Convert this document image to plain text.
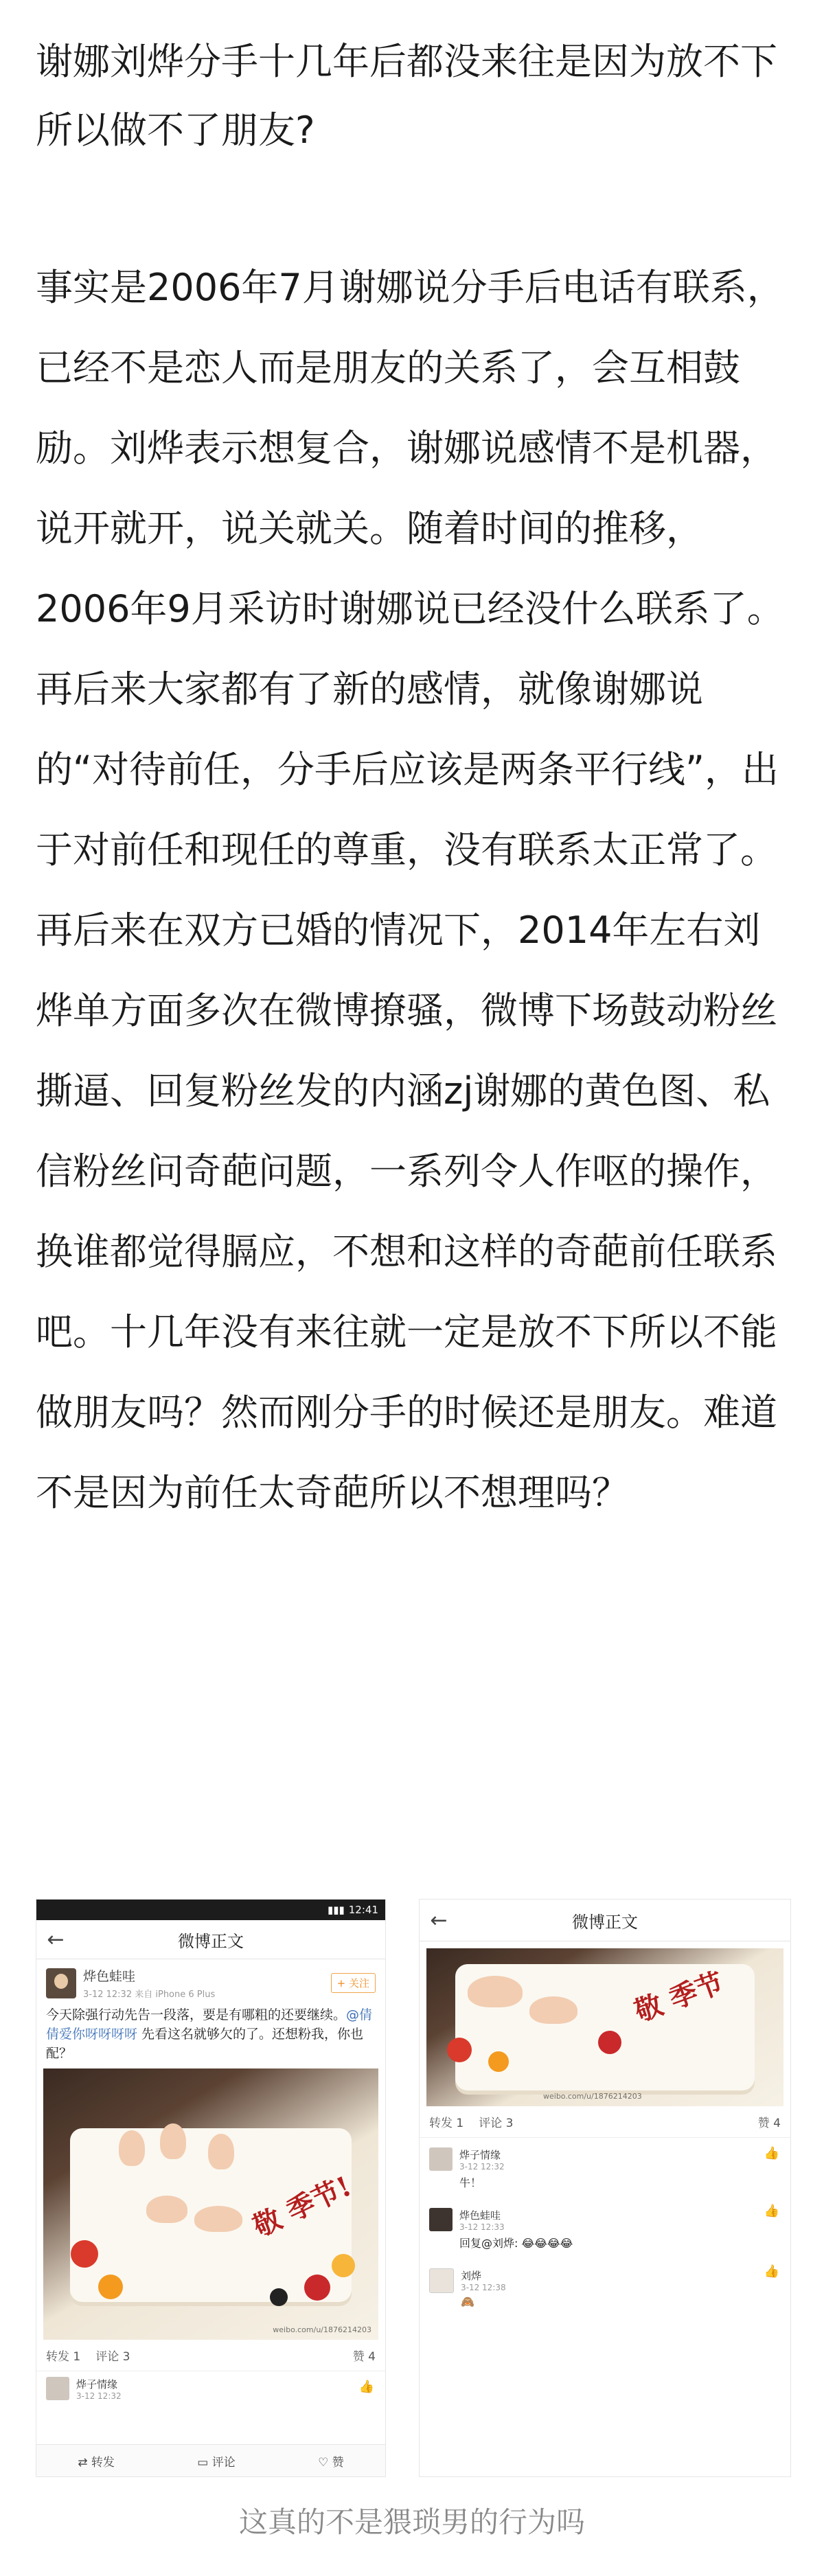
谢娜刘烨分手十几年后都没来往是因为放不下所以做不了朋友?

事实是2006年7月谢娜说分手后电话有联系，已经不是恋人而是朋友的关系了，会互相鼓励。刘烨表示想复合，谢娜说感情不是机器，说开就开，说关就关。随着时间的推移，2006年9月采访时谢娜说已经没什么联系了。再后来大家都有了新的感情，就像谢娜说的“对待前任，分手后应该是两条平行线”，出于对前任和现任的尊重，没有联系太正常了。再后来在双方已婚的情况下，2014年左右刘烨单方面多次在微博撩骚，微博下场鼓动粉丝撕逼、回复粉丝发的内涵zj谢娜的黄色图、私信粉丝问奇葩问题，一系列令人作呕的操作，换谁都觉得膈应，不想和这样的奇葩前任联系吧。十几年没有来往就一定是放不下所以不能做朋友吗？然而刚分手的时候还是朋友。难道不是因为前任太奇葩所以不想理吗？

▮▮▮ 12:41
←	微博正文
烨色蛙哇
3-12 12:32 来自 iPhone 6 Plus
+ 关注
今天除强行动先告一段落，要是有哪粗的还要继续。@倩倩爱你呀呀呀呀 先看这名就够欠的了。还想粉我，你也配？
敬 季节!
weibo.com/u/1876214203
转发 1 评论 3	赞 4
烨子情缘
3-12 12:32
👍
⇄ 转发	▭ 评论	♡ 赞
←	微博正文
敬 季节
weibo.com/u/1876214203
转发 1 评论 3	赞 4
烨子情缘
3-12 12:32
牛！
👍
烨色蛙哇
3-12 12:33
回复@刘烨: 😂😂😂😂
👍
刘烨
3-12 12:38
🙈
👍
这真的不是猥琐男的行为吗
